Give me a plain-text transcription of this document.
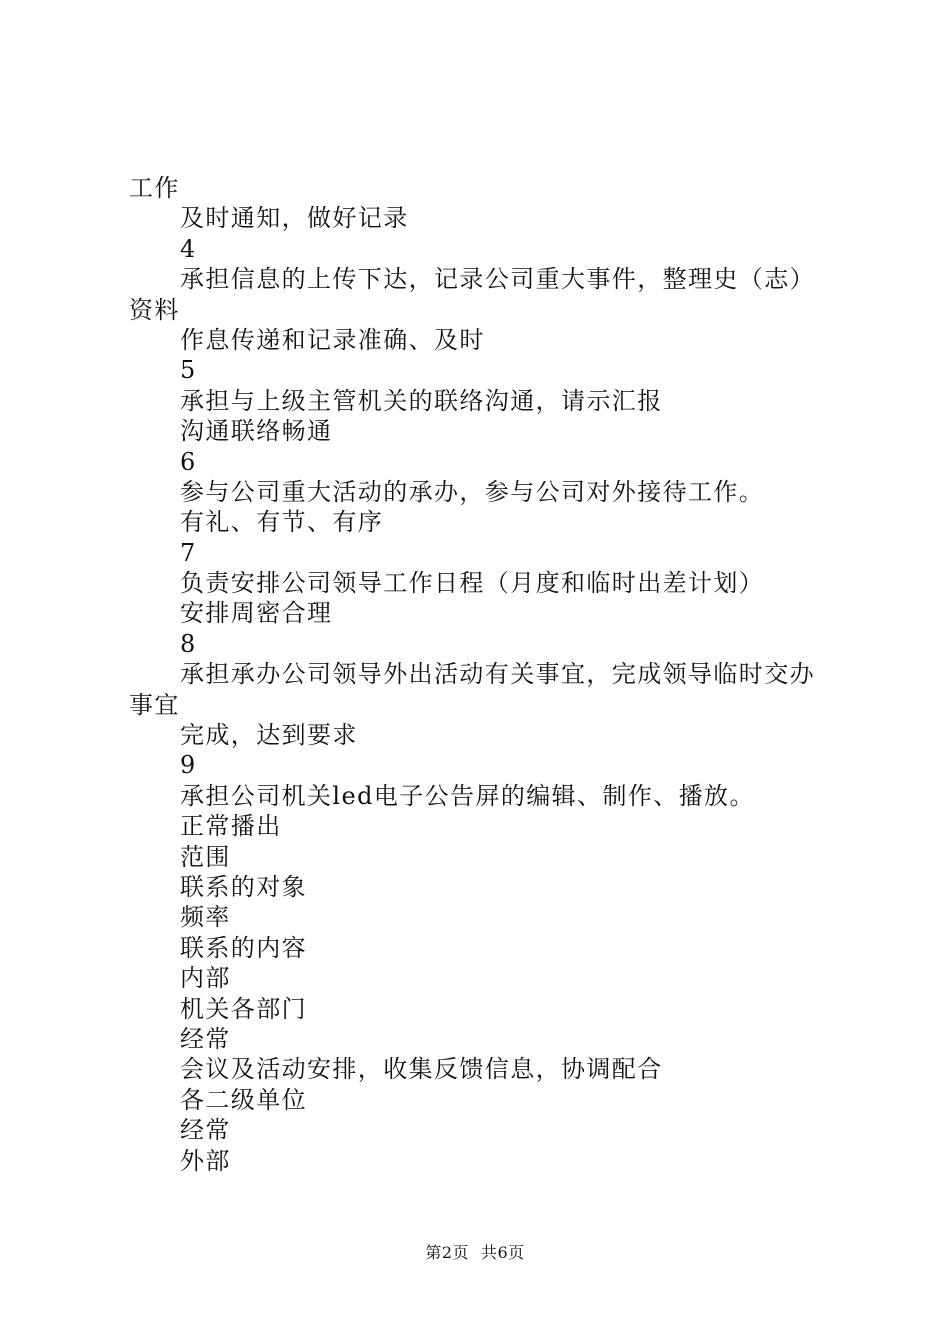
工作
及时通知，做好记录
4
承担信息的上传下达，记录公司重大事件，整理史（志）
资料
作息传递和记录准确、及时
5
承担与上级主管机关的联络沟通，请示汇报
沟通联络畅通
6
参与公司重大活动的承办，参与公司对外接待工作。
有礼、有节、有序
7
负责安排公司领导工作日程（月度和临时出差计划）
安排周密合理
8
承担承办公司领导外出活动有关事宜，完成领导临时交办
事宜
完成，达到要求
9
承担公司机关led电子公告屏的编辑、制作、播放。
正常播出
范围
联系的对象
频率
联系的内容
内部
机关各部门
经常
会议及活动安排，收集反馈信息，协调配合
各二级单位
经常
外部
第2页 共6页
